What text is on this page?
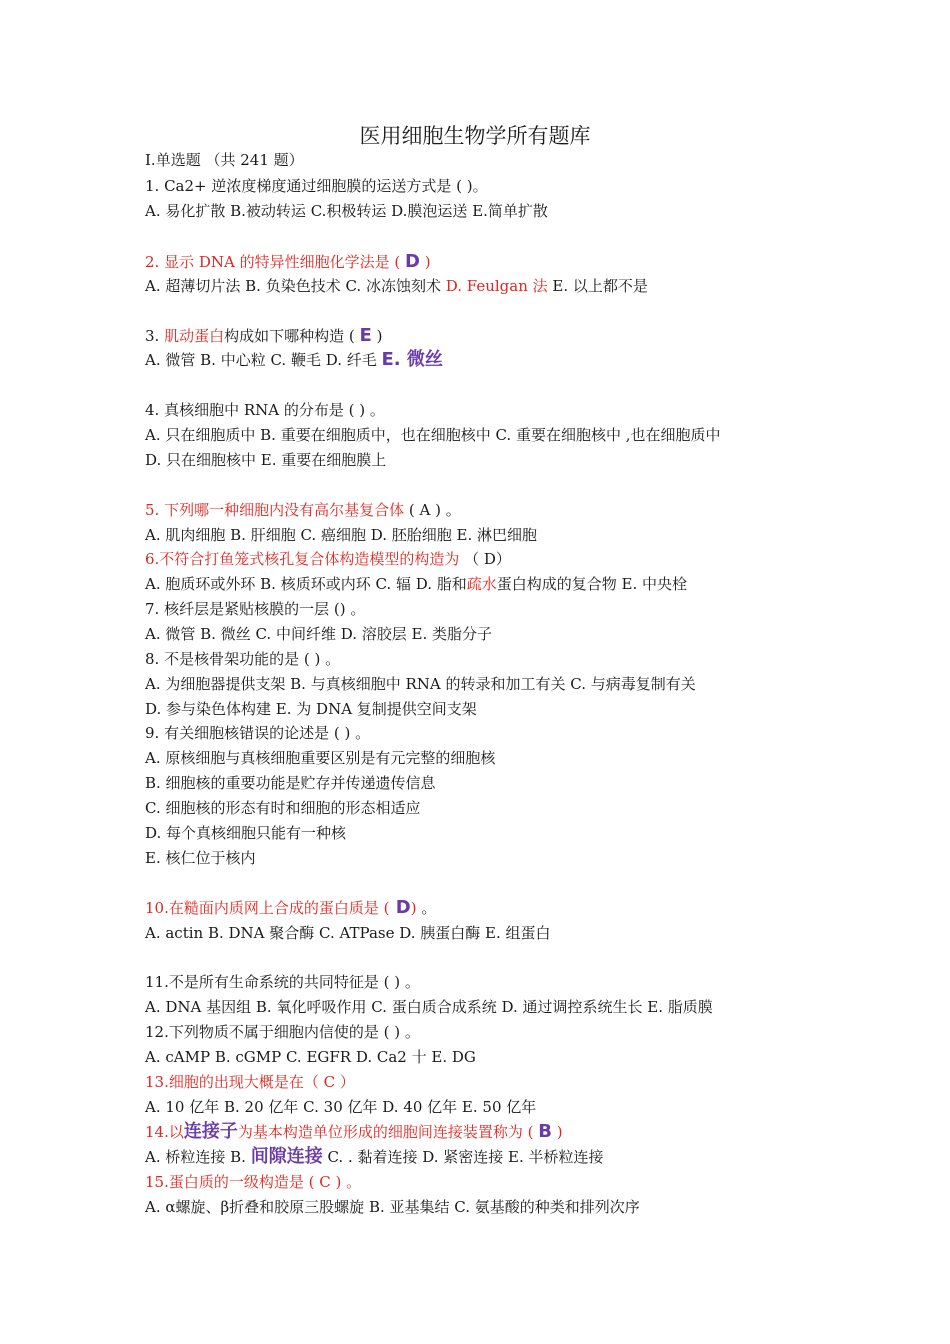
医用细胞生物学所有题库
I.单选题 （共 241 题）
1. Ca2+ 逆浓度梯度通过细胞膜的运送方式是 ( )。
A. 易化扩散 B.被动转运 C.积极转运 D.膜泡运送 E.简单扩散
2. 显示 DNA 的特异性细胞化学法是 ( D )
A. 超薄切片法 B. 负染色技术 C. 冰冻蚀刻术 D. Feulgan 法 E. 以上都不是
3. 肌动蛋白构成如下哪种构造 ( E )
A. 微管 B. 中心粒 C. 鞭毛 D. 纤毛 E. 微丝
4. 真核细胞中 RNA 的分布是 ( ) 。
A. 只在细胞质中 B. 重要在细胞质中，也在细胞核中 C. 重要在细胞核中 ,也在细胞质中
D. 只在细胞核中 E. 重要在细胞膜上
5. 下列哪一种细胞内没有高尔基复合体 ( A ) 。
A. 肌肉细胞 B. 肝细胞 C. 癌细胞 D. 胚胎细胞 E. 淋巴细胞
6.不符合打鱼笼式核孔复合体构造模型的构造为 （ D）
A. 胞质环或外环 B. 核质环或内环 C. 辐 D. 脂和疏水蛋白构成的复合物 E. 中央栓
7. 核纤层是紧贴核膜的一层 () 。
A. 微管 B. 微丝 C. 中间纤维 D. 溶胶层 E. 类脂分子
8. 不是核骨架功能的是 ( ) 。
A. 为细胞器提供支架 B. 与真核细胞中 RNA 的转录和加工有关 C. 与病毒复制有关
D. 参与染色体构建 E. 为 DNA 复制提供空间支架
9. 有关细胞核错误的论述是 ( ) 。
A. 原核细胞与真核细胞重要区别是有元完整的细胞核
B. 细胞核的重要功能是贮存并传递遗传信息
C. 细胞核的形态有时和细胞的形态相适应
D. 每个真核细胞只能有一种核
E. 核仁位于核内
10.在糙面内质网上合成的蛋白质是 ( D) 。
A. actin B. DNA 聚合酶 C. ATPase D. 胰蛋白酶 E. 组蛋白
11.不是所有生命系统的共同特征是 ( ) 。
A. DNA 基因组 B. 氧化呼吸作用 C. 蛋白质合成系统 D. 通过调控系统生长 E. 脂质膜
12.下列物质不属于细胞内信使的是 ( ) 。
A. cAMP B. cGMP C. EGFR D. Ca2 十 E. DG
13.细胞的出现大概是在（ C ）
A. 10 亿年 B. 20 亿年 C. 30 亿年 D. 40 亿年 E. 50 亿年
14.以连接子为基本构造单位形成的细胞间连接装置称为 ( B )
A. 桥粒连接 B. 间隙连接 C. . 黏着连接 D. 紧密连接 E. 半桥粒连接
15.蛋白质的一级构造是 ( C ) 。
A. α螺旋、β折叠和胶原三股螺旋 B. 亚基集结 C. 氨基酸的种类和排列次序
